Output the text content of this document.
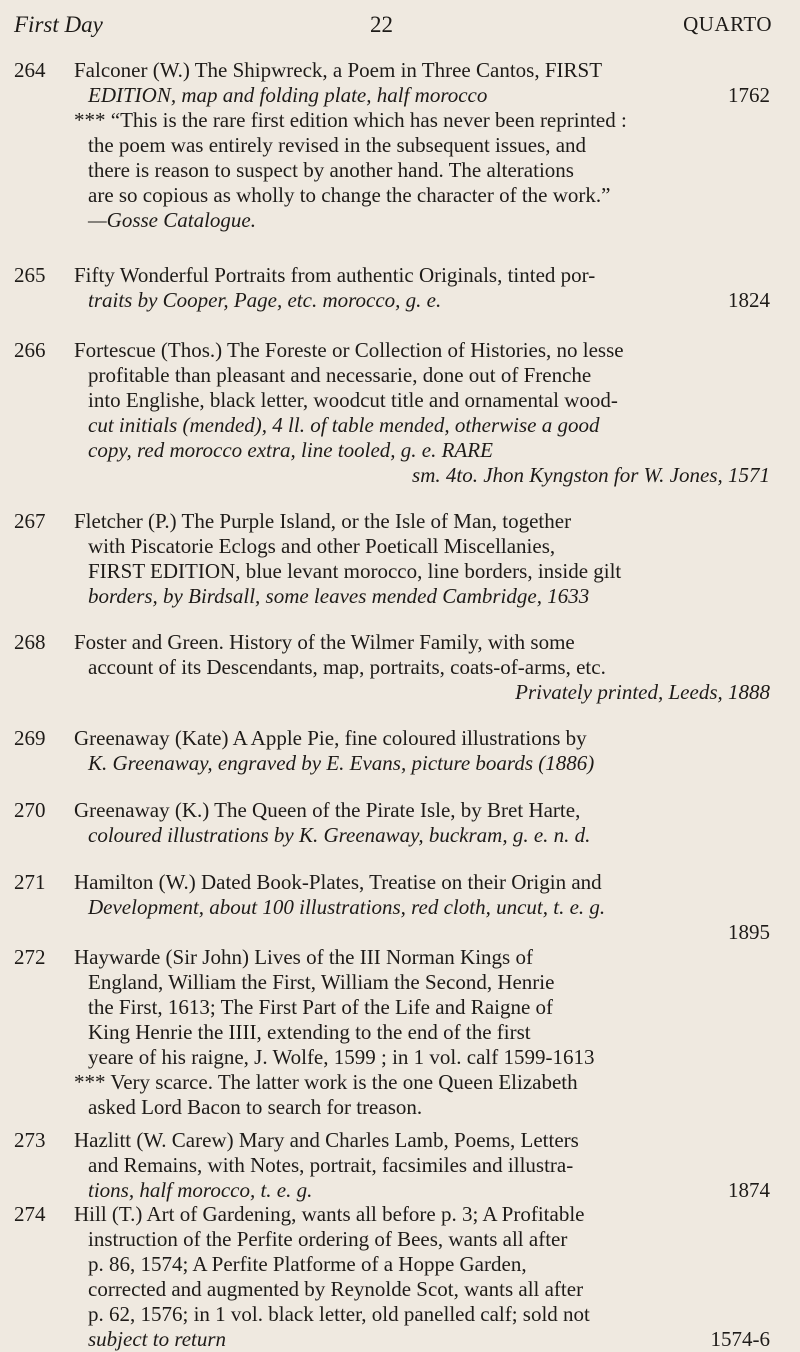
First Day	22	QUARTO
264 Falconer (W.) The Shipwreck, a Poem in Three Cantos, FIRST
EDITION, map and folding plate, half morocco	1762
*** “This is the rare first edition which has never been reprinted :
the poem was entirely revised in the subsequent issues, and
there is reason to suspect by another hand. The alterations
are so copious as wholly to change the character of the work.”
—Gosse Catalogue.
265 Fifty Wonderful Portraits from authentic Originals, tinted por-
traits by Cooper, Page, etc. morocco, g. e.	1824
266 Fortescue (Thos.) The Foreste or Collection of Histories, no lesse
profitable than pleasant and necessarie, done out of Frenche
into Englishe, black letter, woodcut title and ornamental wood-
cut initials (mended), 4 ll. of table mended, otherwise a good
copy, red morocco extra, line tooled, g. e. RARE
sm. 4to. Jhon Kyngston for W. Jones, 1571
267 Fletcher (P.) The Purple Island, or the Isle of Man, together
with Piscatorie Eclogs and other Poeticall Miscellanies,
FIRST EDITION, blue levant morocco, line borders, inside gilt
borders, by Birdsall, some leaves mended Cambridge, 1633
268 Foster and Green. History of the Wilmer Family, with some
account of its Descendants, map, portraits, coats-of-arms, etc.
Privately printed, Leeds, 1888
269 Greenaway (Kate) A Apple Pie, fine coloured illustrations by
K. Greenaway, engraved by E. Evans, picture boards (1886)
270 Greenaway (K.) The Queen of the Pirate Isle, by Bret Harte,
coloured illustrations by K. Greenaway, buckram, g. e. n. d.
271 Hamilton (W.) Dated Book-Plates, Treatise on their Origin and
Development, about 100 illustrations, red cloth, uncut, t. e. g.
1895
272 Haywarde (Sir John) Lives of the III Norman Kings of
England, William the First, William the Second, Henrie
the First, 1613; The First Part of the Life and Raigne of
King Henrie the IIII, extending to the end of the first
yeare of his raigne, J. Wolfe, 1599 ; in 1 vol. calf 1599-1613
*** Very scarce. The latter work is the one Queen Elizabeth
asked Lord Bacon to search for treason.
273 Hazlitt (W. Carew) Mary and Charles Lamb, Poems, Letters
and Remains, with Notes, portrait, facsimiles and illustra-
tions, half morocco, t. e. g.	1874
274 Hill (T.) Art of Gardening, wants all before p. 3; A Profitable
instruction of the Perfite ordering of Bees, wants all after
p. 86, 1574; A Perfite Platforme of a Hoppe Garden,
corrected and augmented by Reynolde Scot, wants all after
p. 62, 1576; in 1 vol. black letter, old panelled calf; sold not
subject to return	1574-6
